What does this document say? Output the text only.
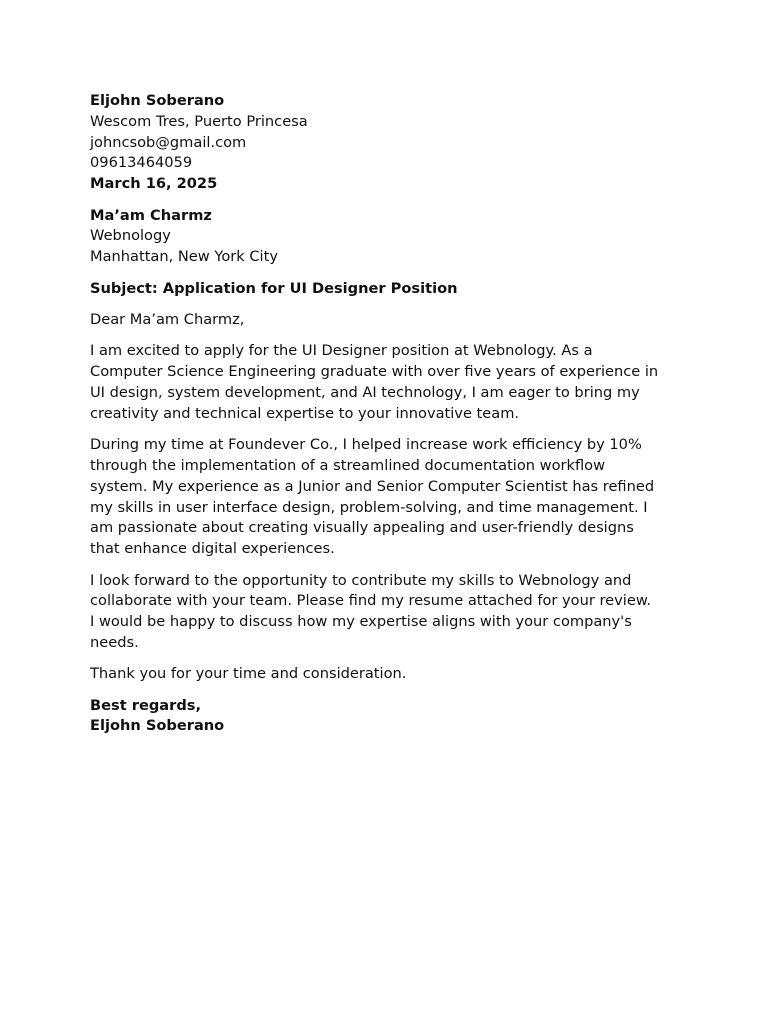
Eljohn Soberano
Wescom Tres, Puerto Princesa
johncsob@gmail.com
09613464059
March 16, 2025
Ma’am Charmz
Webnology
Manhattan, New York City
Subject: Application for UI Designer Position
Dear Ma’am Charmz,
I am excited to apply for the UI Designer position at Webnology. As a
Computer Science Engineering graduate with over five years of experience in
UI design, system development, and AI technology, I am eager to bring my
creativity and technical expertise to your innovative team.
During my time at Foundever Co., I helped increase work efficiency by 10%
through the implementation of a streamlined documentation workflow
system. My experience as a Junior and Senior Computer Scientist has refined
my skills in user interface design, problem-solving, and time management. I
am passionate about creating visually appealing and user-friendly designs
that enhance digital experiences.
I look forward to the opportunity to contribute my skills to Webnology and
collaborate with your team. Please find my resume attached for your review.
I would be happy to discuss how my expertise aligns with your company's
needs.
Thank you for your time and consideration.
Best regards,
Eljohn Soberano
